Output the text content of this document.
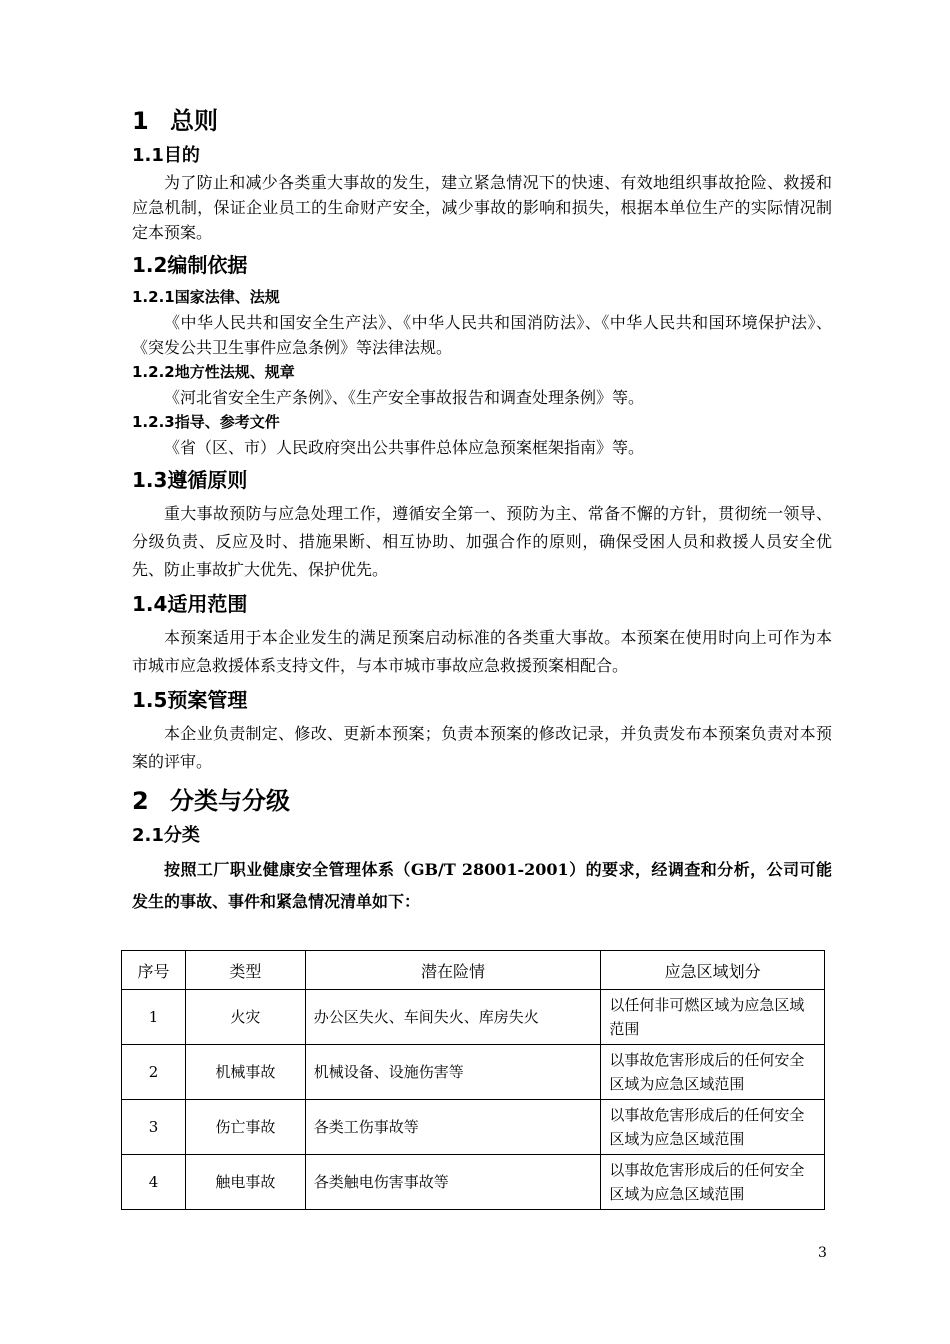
1 总则
1.1目的

为了防止和减少各类重大事故的发生，建立紧急情况下的快速、有效地组织事故抢险、救援和应急机制，保证企业员工的生命财产安全，减少事故的影响和损失，根据本单位生产的实际情况制定本预案。

1.2编制依据
1.2.1国家法律、法规

《中华人民共和国安全生产法》、《中华人民共和国消防法》、《中华人民共和国环境保护法》、《突发公共卫生事件应急条例》等法律法规。

1.2.2地方性法规、规章

《河北省安全生产条例》、《生产安全事故报告和调查处理条例》等。

1.2.3指导、参考文件

《省（区、市）人民政府突出公共事件总体应急预案框架指南》等。

1.3遵循原则

重大事故预防与应急处理工作，遵循安全第一、预防为主、常备不懈的方针，贯彻统一领导、分级负责、反应及时、措施果断、相互协助、加强合作的原则，确保受困人员和救援人员安全优先、防止事故扩大优先、保护优先。

1.4适用范围

本预案适用于本企业发生的满足预案启动标准的各类重大事故。本预案在使用时向上可作为本市城市应急救援体系支持文件，与本市城市事故应急救援预案相配合。

1.5预案管理

本企业负责制定、修改、更新本预案；负责本预案的修改记录，并负责发布本预案负责对本预案的评审。

2 分类与分级
2.1分类

按照工厂职业健康安全管理体系（GB/T 28001-2001）的要求，经调查和分析，公司可能发生的事故、事件和紧急情况清单如下：

序号	类型	潜在险情	应急区域划分
1	火灾	办公区失火、车间失火、库房失火	以任何非可燃区域为应急区域范围
2	机械事故	机械设备、设施伤害等	以事故危害形成后的任何安全区域为应急区域范围
3	伤亡事故	各类工伤事故等	以事故危害形成后的任何安全区域为应急区域范围
4	触电事故	各类触电伤害事故等	以事故危害形成后的任何安全区域为应急区域范围
3
